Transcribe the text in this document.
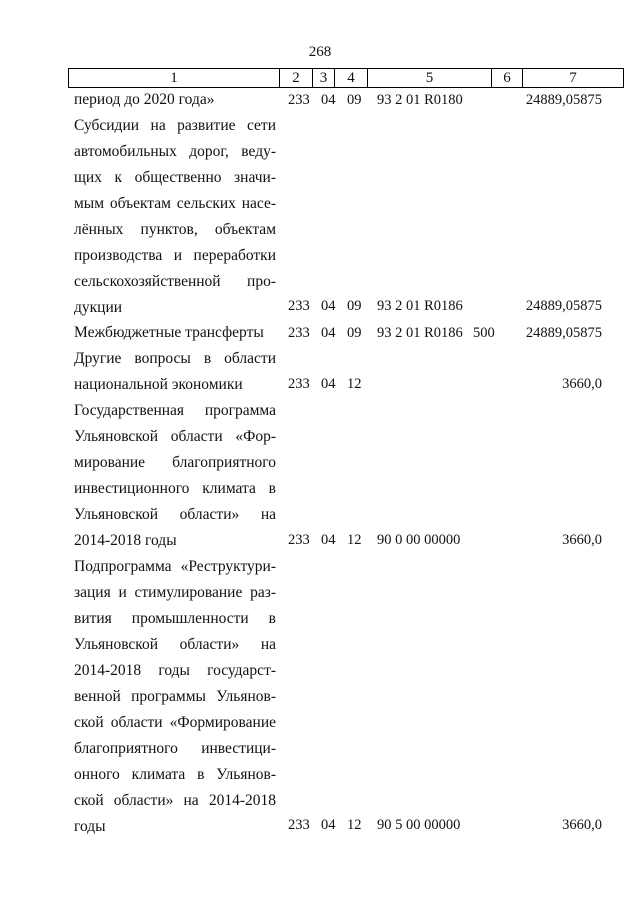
268
1	2	3	4	5	6	7
период до 2020 года»	233 04 09 93 2 01 R0180	24889,05875
Субсидии на развитие сети
автомобильных дорог, веду-
щих к общественно значи-
мым объектам сельских насе-
лённых пунктов, объектам
производства и переработки
сельскохозяйственной про-
дукции	233 04 09 93 2 01 R0186	24889,05875
Межбюджетные трансферты	233 04 09 93 2 01 R0186 500 24889,05875
Другие вопросы в области
национальной экономики	233 04 12	3660,0
Государственная программа
Ульяновской области «Фор-
мирование благоприятного
инвестиционного климата в
Ульяновской области» на
2014-2018 годы	233 04 12 90 0 00 00000	3660,0
Подпрограмма «Реструктури-
зация и стимулирование раз-
вития промышленности в
Ульяновской области» на
2014-2018 годы государст-
венной программы Ульянов-
ской области «Формирование
благоприятного инвестици-
онного климата в Ульянов-
ской области» на 2014-2018
годы	233 04 12 90 5 00 00000	3660,0
